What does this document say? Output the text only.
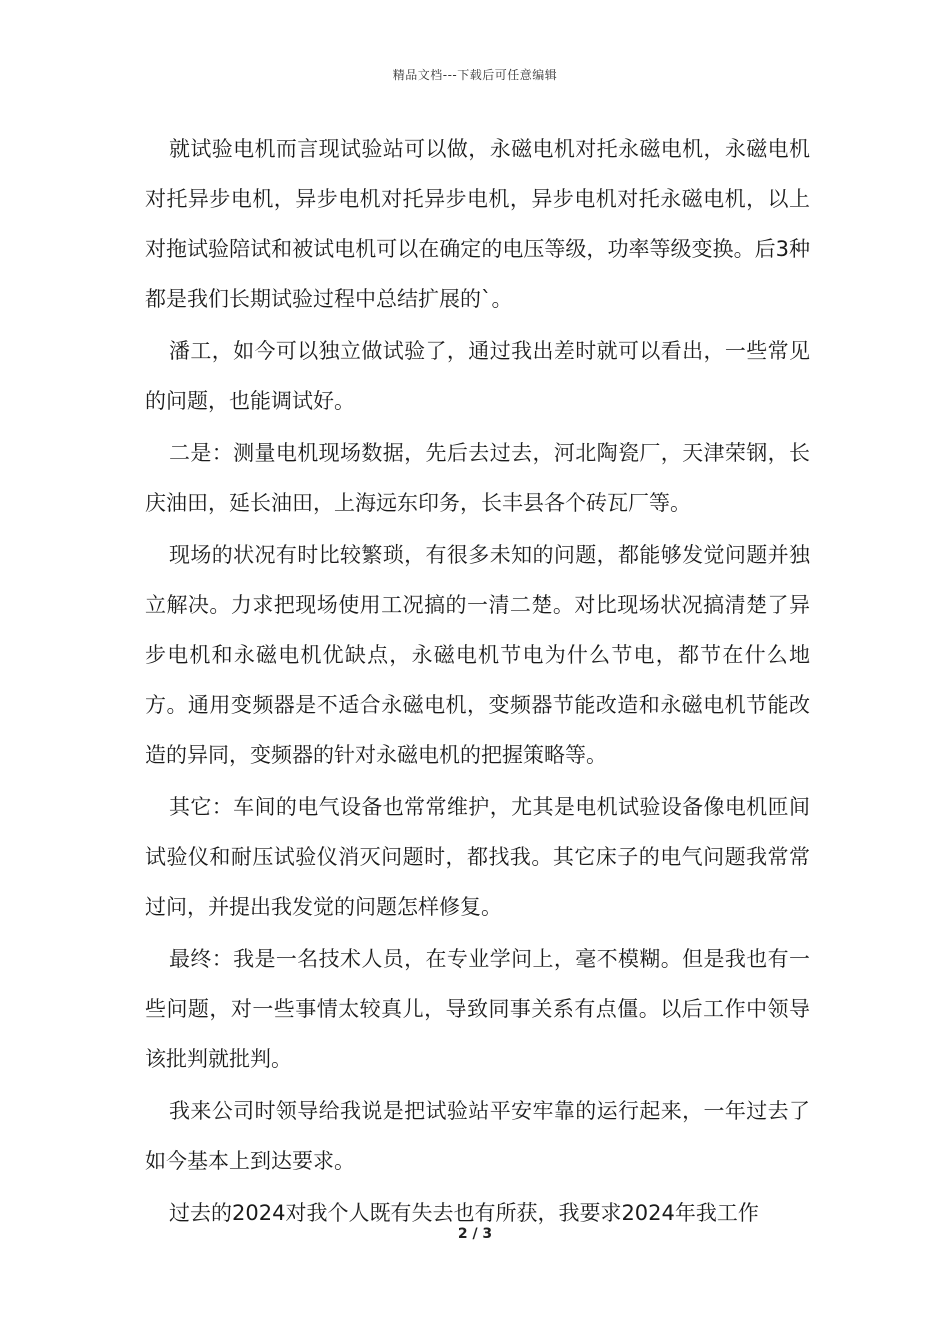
精品文档---下载后可任意编辑

就试验电机而言现试验站可以做，永磁电机对托永磁电机，永磁电机对托异步电机，异步电机对托异步电机，异步电机对托永磁电机，以上对拖试验陪试和被试电机可以在确定的电压等级，功率等级变换。后3种都是我们长期试验过程中总结扩展的`。

潘工，如今可以独立做试验了，通过我出差时就可以看出，一些常见的问题，也能调试好。

二是：测量电机现场数据，先后去过去，河北陶瓷厂，天津荣钢，长庆油田，延长油田，上海远东印务，长丰县各个砖瓦厂等。

现场的状况有时比较繁琐，有很多未知的问题，都能够发觉问题并独立解决。力求把现场使用工况搞的一清二楚。对比现场状况搞清楚了异步电机和永磁电机优缺点，永磁电机节电为什么节电，都节在什么地方。通用变频器是不适合永磁电机，变频器节能改造和永磁电机节能改造的异同，变频器的针对永磁电机的把握策略等。

其它：车间的电气设备也常常维护，尤其是电机试验设备像电机匝间试验仪和耐压试验仪消灭问题时，都找我。其它床子的电气问题我常常过问，并提出我发觉的问题怎样修复。

最终：我是一名技术人员，在专业学问上，毫不模糊。但是我也有一些问题，对一些事情太较真儿，导致同事关系有点僵。以后工作中领导该批判就批判。

我来公司时领导给我说是把试验站平安牢靠的运行起来，一年过去了如今基本上到达要求。

过去的2024对我个人既有失去也有所获，我要求2024年我工作

2 / 3
